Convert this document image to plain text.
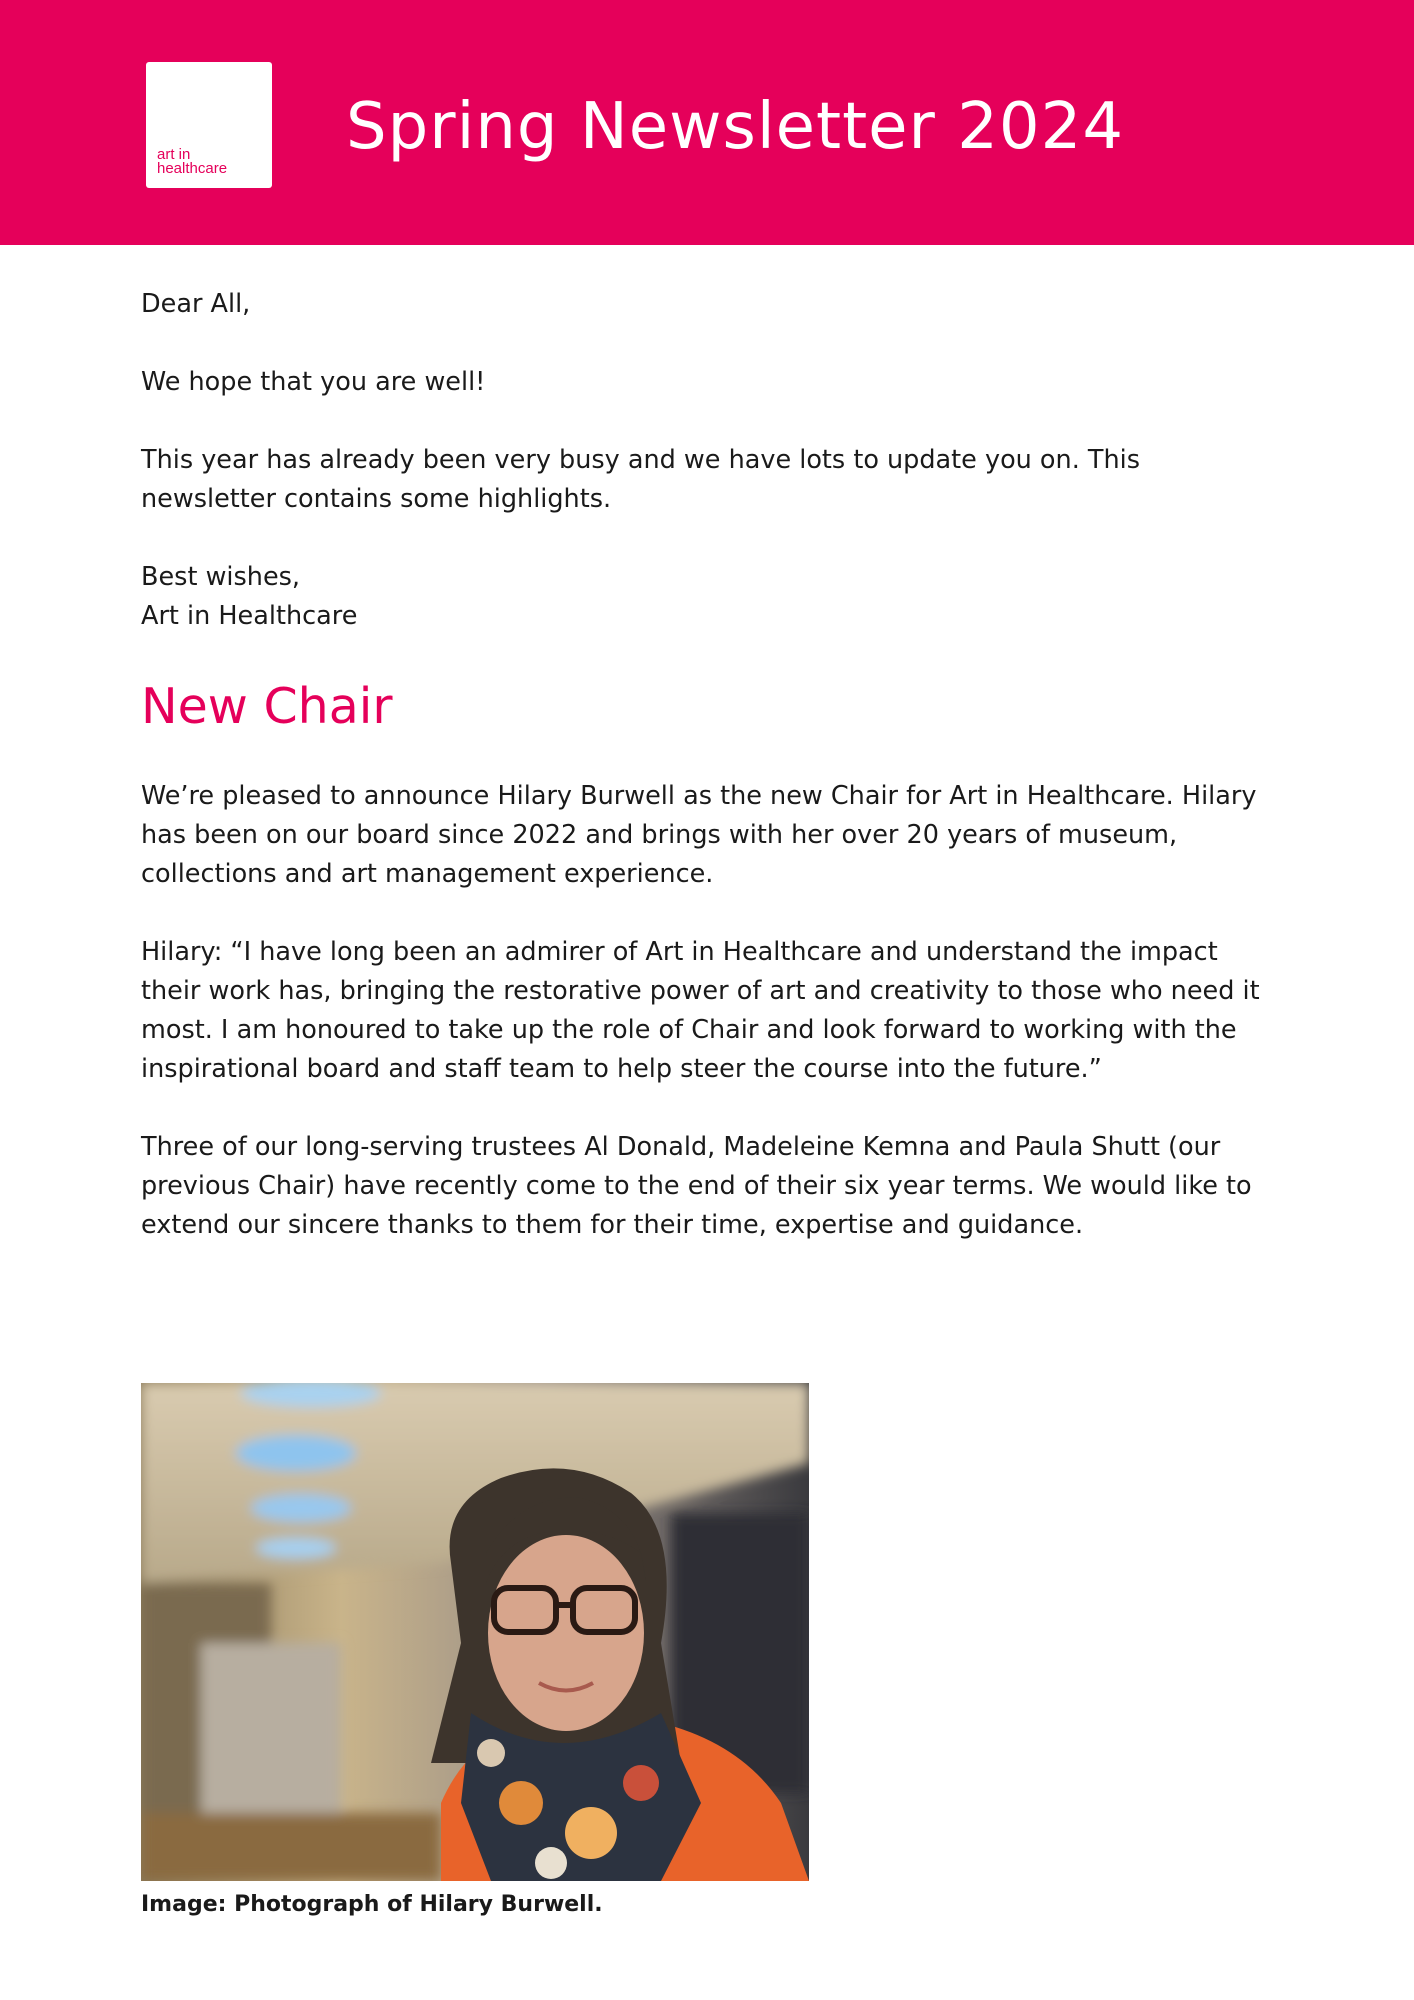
art in
healthcare
Spring Newsletter 2024

Dear All,

We hope that you are well!

This year has already been very busy and we have lots to update you on. This newsletter contains some highlights.

Best wishes,

Art in Healthcare

New Chair

We’re pleased to announce Hilary Burwell as the new Chair for Art in Healthcare. Hilary has been on our board since 2022 and brings with her over 20 years of museum, collections and art management experience.

Hilary: “I have long been an admirer of Art in Healthcare and understand the impact their work has, bringing the restorative power of art and creativity to those who need it most. I am honoured to take up the role of Chair and look forward to working with the inspirational board and staff team to help steer the course into the future.”

Three of our long-serving trustees Al Donald, Madeleine Kemna and Paula Shutt (our previous Chair) have recently come to the end of their six year terms. We would like to extend our sincere thanks to them for their time, expertise and guidance.

Image: Photograph of Hilary Burwell.
